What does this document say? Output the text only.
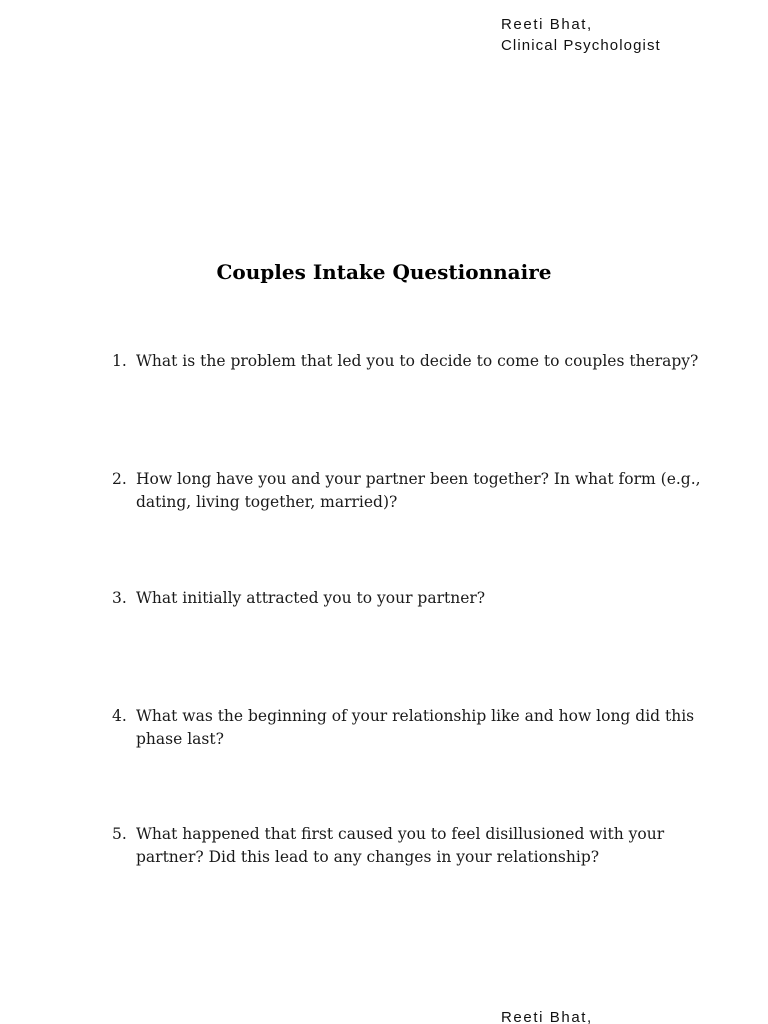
Reeti Bhat,
Clinical Psychologist
Couples Intake Questionnaire
1. What is the problem that led you to decide to come to couples therapy?
2. How long have you and your partner been together? In what form (e.g., dating, living together, married)?
3. What initially attracted you to your partner?
4. What was the beginning of your relationship like and how long did this phase last?
5. What happened that first caused you to feel disillusioned with your partner? Did this lead to any changes in your relationship?
Reeti Bhat,
